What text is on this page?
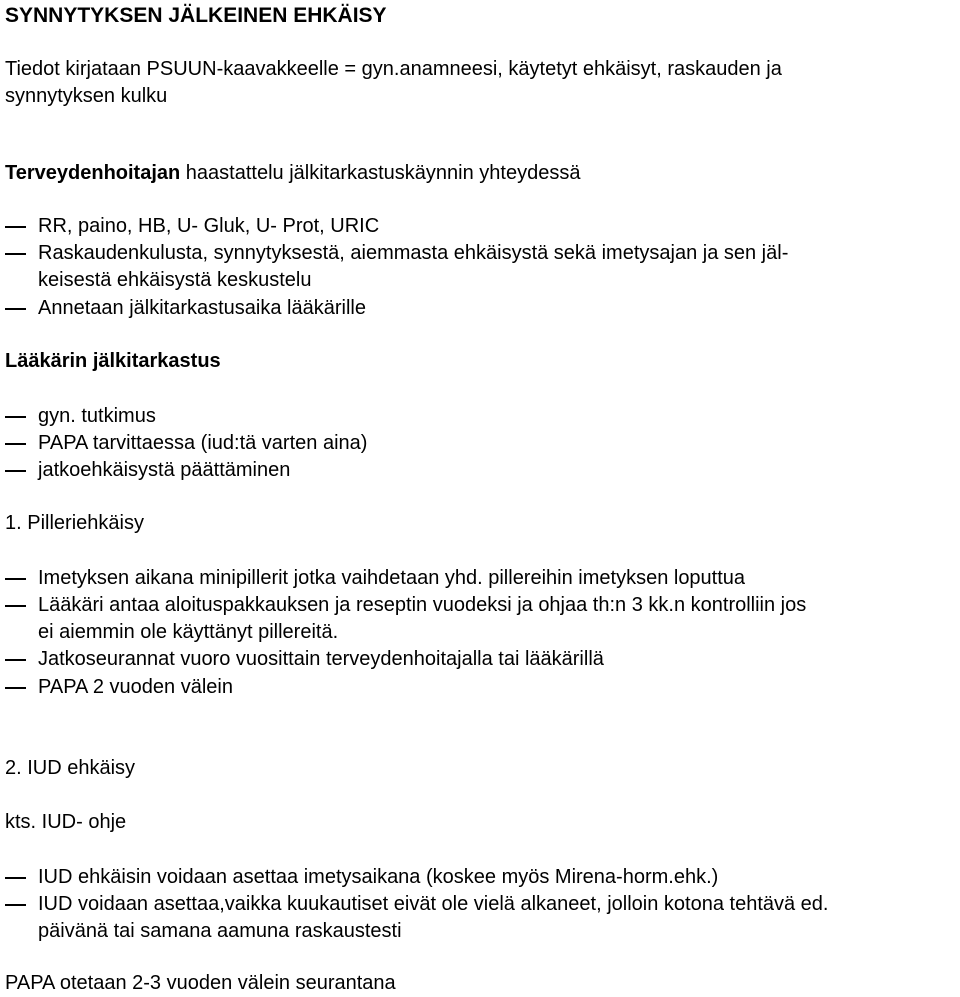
SYNNYTYKSEN JÄLKEINEN EHKÄISY
Tiedot kirjataan PSUUN-kaavakkeelle = gyn.anamneesi, käytetyt ehkäisyt, raskauden ja
synnytyksen kulku
Terveydenhoitajan haastattelu jälkitarkastuskäynnin yhteydessä
RR, paino, HB, U- Gluk, U- Prot, URIC
Raskaudenkulusta, synnytyksestä, aiemmasta ehkäisystä sekä imetysajan ja sen jäl-
keisestä ehkäisystä keskustelu
Annetaan jälkitarkastusaika lääkärille
Lääkärin jälkitarkastus
gyn. tutkimus
PAPA tarvittaessa (iud:tä varten aina)
jatkoehkäisystä päättäminen
1. Pilleriehkäisy
Imetyksen aikana minipillerit jotka vaihdetaan yhd. pillereihin imetyksen loputtua
Lääkäri antaa aloituspakkauksen ja reseptin vuodeksi ja ohjaa th:n 3 kk.n kontrolliin jos
ei aiemmin ole käyttänyt pillereitä.
Jatkoseurannat vuoro vuosittain terveydenhoitajalla tai lääkärillä
PAPA 2 vuoden välein
2. IUD ehkäisy
kts. IUD- ohje
IUD ehkäisin voidaan asettaa imetysaikana (koskee myös Mirena-horm.ehk.)
IUD voidaan asettaa,vaikka kuukautiset eivät ole vielä alkaneet, jolloin kotona tehtävä ed.
päivänä tai samana aamuna raskaustesti
PAPA otetaan 2-3 vuoden välein seurantana
